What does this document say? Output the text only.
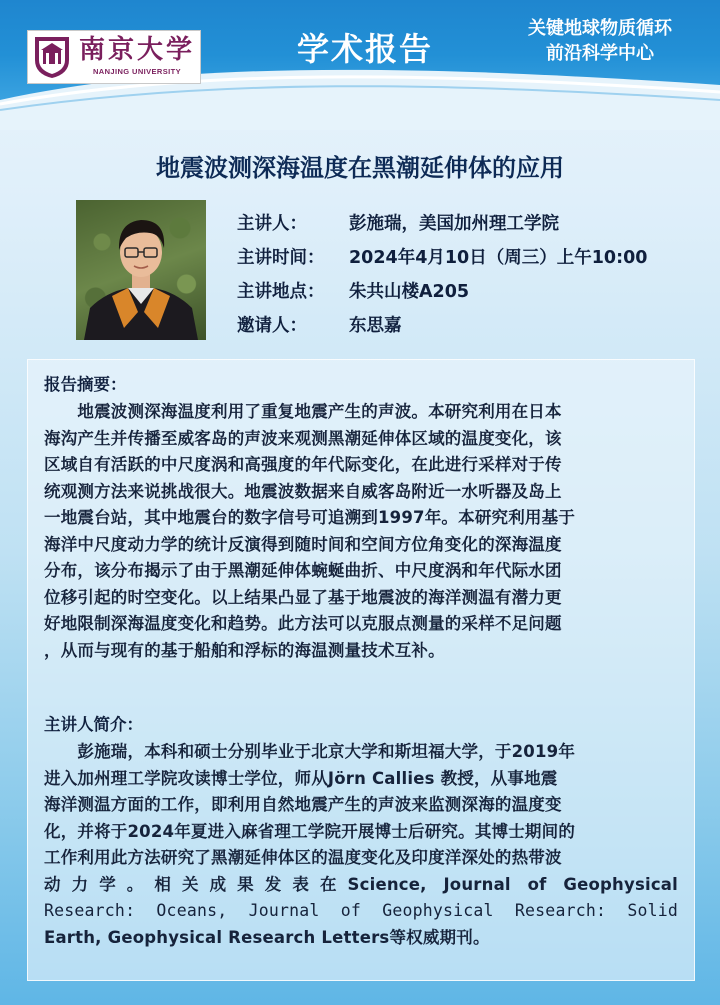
南京大学
NANJING UNIVERSITY
学术报告
关键地球物质循环
前沿科学中心
地震波测深海温度在黑潮延伸体的应用
主讲人： 彭施瑞，美国加州理工学院
主讲时间： 2024年4月10日（周三）上午10:00
主讲地点： 朱共山楼A205
邀请人： 东思嘉
报告摘要：
　　地震波测深海温度利用了重复地震产生的声波。本研究利用在日本
海沟产生并传播至威客岛的声波来观测黑潮延伸体区域的温度变化，该
区域自有活跃的中尺度涡和高强度的年代际变化，在此进行采样对于传
统观测方法来说挑战很大。地震波数据来自威客岛附近一水听器及岛上
一地震台站，其中地震台的数字信号可追溯到1997年。本研究利用基于
海洋中尺度动力学的统计反演得到随时间和空间方位角变化的深海温度
分布，该分布揭示了由于黑潮延伸体蜿蜒曲折、中尺度涡和年代际水团
位移引起的时空变化。以上结果凸显了基于地震波的海洋测温有潜力更
好地限制深海温度变化和趋势。此方法可以克服点测量的采样不足问题
，从而与现有的基于船舶和浮标的海温测量技术互补。
主讲人简介：
　　彭施瑞，本科和硕士分别毕业于北京大学和斯坦福大学，于2019年
进入加州理工学院攻读博士学位，师从Jörn Callies 教授，从事地震
海洋测温方面的工作，即利用自然地震产生的声波来监测深海的温度变
化，并将于2024年夏进入麻省理工学院开展博士后研究。其博士期间的
工作利用此方法研究了黑潮延伸体区的温度变化及印度洋深处的热带波
动力学。相关成果发表在Science, Journal of Geophysical
Research: Oceans, Journal of Geophysical Research: Solid
Earth, Geophysical Research Letters等权威期刊。
